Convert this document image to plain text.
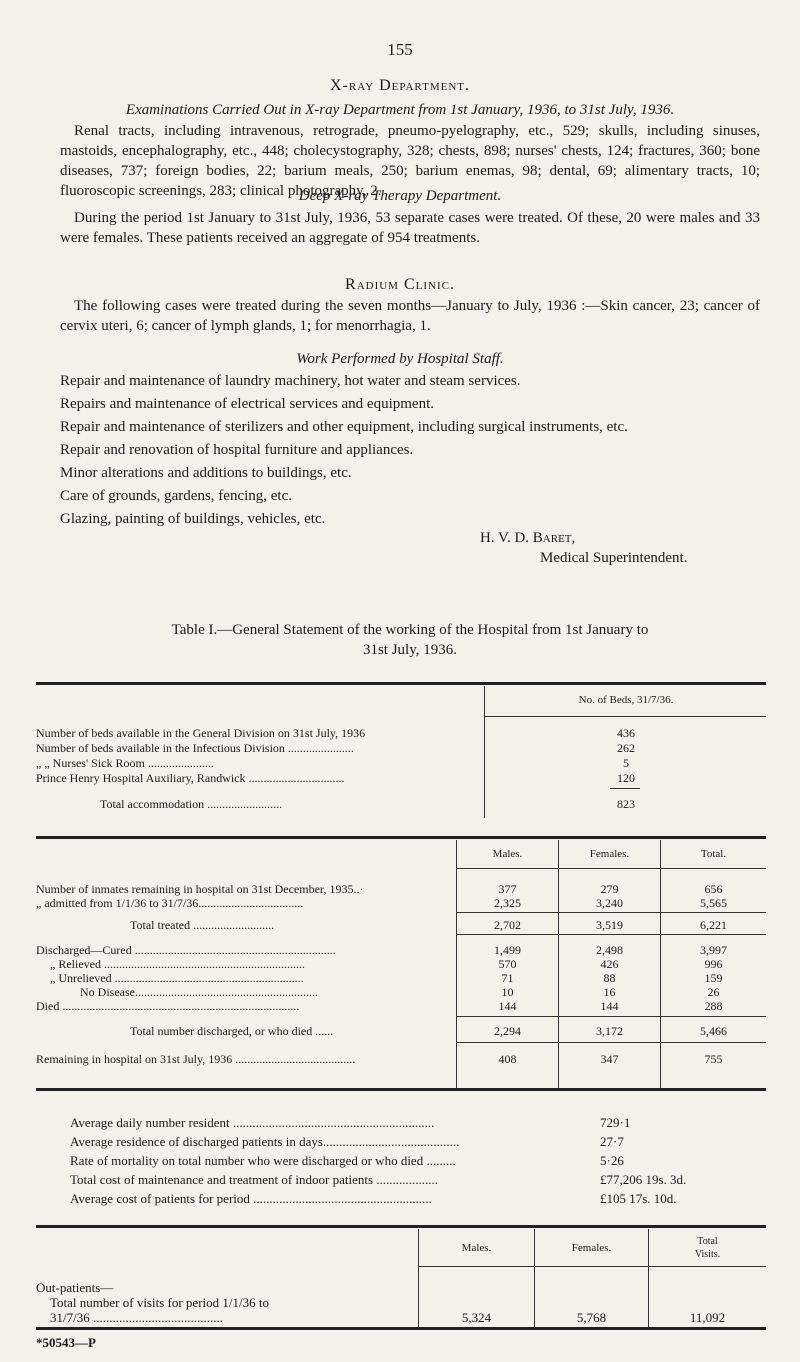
155
X-ray Department.
Examinations Carried Out in X-ray Department from 1st January, 1936, to 31st July, 1936.
Renal tracts, including intravenous, retrograde, pneumo-pyelography, etc., 529; skulls, including sinuses, mastoids, encephalography, etc., 448; cholecystography, 328; chests, 898; nurses' chests, 124; fractures, 360; bone diseases, 737; foreign bodies, 22; barium meals, 250; barium enemas, 98; dental, 69; alimentary tracts, 10; fluoroscopic screenings, 283; clinical photography, 2.
Deep X-ray Therapy Department.
During the period 1st January to 31st July, 1936, 53 separate cases were treated. Of these, 20 were males and 33 were females. These patients received an aggregate of 954 treatments.
Radium Clinic.
The following cases were treated during the seven months—January to July, 1936 :—Skin cancer, 23; cancer of cervix uteri, 6; cancer of lymph glands, 1; for menorrhagia, 1.
Work Performed by Hospital Staff.
Repair and maintenance of laundry machinery, hot water and steam services.
Repairs and maintenance of electrical services and equipment.
Repair and maintenance of sterilizers and other equipment, including surgical instruments, etc.
Repair and renovation of hospital furniture and appliances.
Minor alterations and additions to buildings, etc.
Care of grounds, gardens, fencing, etc.
Glazing, painting of buildings, vehicles, etc.
H. V. D. Baret,
Medical Superintendent.
Table I.—General Statement of the working of the Hospital from 1st January to
31st July, 1936.
No. of Beds, 31/7/36.
Number of beds available in the General Division on 31st July, 1936	436
Number of beds available in the Infectious Division ......................	262
„ „ Nurses' Sick Room ......................	5
Prince Henry Hospital Auxiliary, Randwick ................................	120
Total accommodation .........................	823
Males.	Females.	Total.
Number of inmates remaining in hospital on 31st December, 1935..·	377	279	656
„ admitted from 1/1/36 to 31/7/36...................................	2,325	3,240	5,565
Total treated ...........................	2,702	3,519	6,221
Discharged—Cured ...................................................................	1,499	2,498	3,997
„ Relieved ...................................................................	570	426	996
„ Unrelieved ...............................................................	71	88	159
No Disease.............................................................	10	16	26
Died ...............................................................................	144	144	288
Total number discharged, or who died ......	2,294	3,172	5,466
Remaining in hospital on 31st July, 1936 ........................................	408	347	755
Average daily number resident ..............................................................	729·1
Average residence of discharged patients in days..........................................	27·7
Rate of mortality on total number who were discharged or who died .........	5·26
Total cost of maintenance and treatment of indoor patients ...................	£77,206 19s. 3d.
Average cost of patients for period .......................................................	£105 17s. 10d.
Males.	Females.
Total
Visits.
Out-patients—
Total number of visits for period 1/1/36 to
31/7/36 ........................................	5,324	5,768	11,092
*50543—P
